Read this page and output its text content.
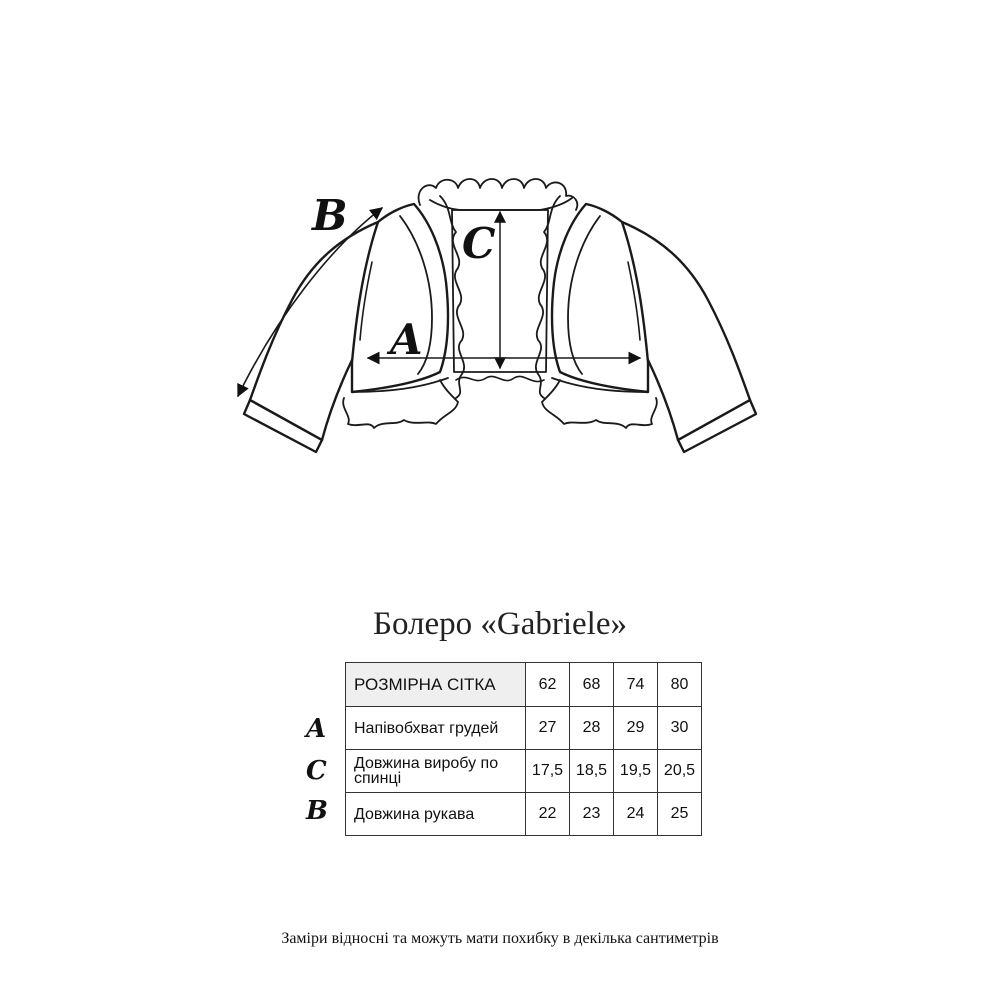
B
C
A
Болеро «Gabriele»
A
C
B
РОЗМІРНА СІТКА	62	68	74	80
Напівобхват грудей	27	28	29	30
Довжина виробу по спинці	17,5	18,5	19,5	20,5
Довжина рукава	22	23	24	25
Заміри відносні та можуть мати похибку в декілька сантиметрів
